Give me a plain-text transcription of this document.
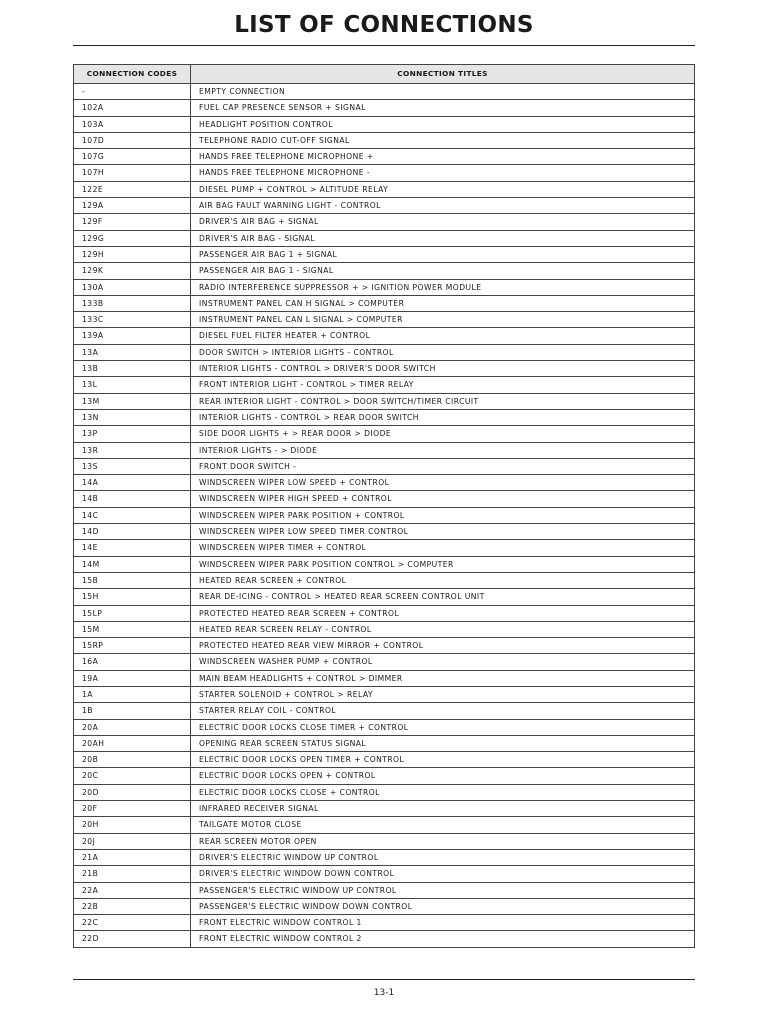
LIST OF CONNECTIONS
CONNECTION CODES	CONNECTION TITLES
-	EMPTY CONNECTION
102A	FUEL CAP PRESENCE SENSOR + SIGNAL
103A	HEADLIGHT POSITION CONTROL
107D	TELEPHONE RADIO CUT-OFF SIGNAL
107G	HANDS FREE TELEPHONE MICROPHONE +
107H	HANDS FREE TELEPHONE MICROPHONE -
122E	DIESEL PUMP + CONTROL > ALTITUDE RELAY
129A	AIR BAG FAULT WARNING LIGHT - CONTROL
129F	DRIVER'S AIR BAG + SIGNAL
129G	DRIVER'S AIR BAG - SIGNAL
129H	PASSENGER AIR BAG 1 + SIGNAL
129K	PASSENGER AIR BAG 1 - SIGNAL
130A	RADIO INTERFERENCE SUPPRESSOR + > IGNITION POWER MODULE
133B	INSTRUMENT PANEL CAN H SIGNAL > COMPUTER
133C	INSTRUMENT PANEL CAN L SIGNAL > COMPUTER
139A	DIESEL FUEL FILTER HEATER + CONTROL
13A	DOOR SWITCH > INTERIOR LIGHTS - CONTROL
13B	INTERIOR LIGHTS - CONTROL > DRIVER'S DOOR SWITCH
13L	FRONT INTERIOR LIGHT - CONTROL > TIMER RELAY
13M	REAR INTERIOR LIGHT - CONTROL > DOOR SWITCH/TIMER CIRCUIT
13N	INTERIOR LIGHTS - CONTROL > REAR DOOR SWITCH
13P	SIDE DOOR LIGHTS + > REAR DOOR > DIODE
13R	INTERIOR LIGHTS - > DIODE
13S	FRONT DOOR SWITCH -
14A	WINDSCREEN WIPER LOW SPEED + CONTROL
14B	WINDSCREEN WIPER HIGH SPEED + CONTROL
14C	WINDSCREEN WIPER PARK POSITION + CONTROL
14D	WINDSCREEN WIPER LOW SPEED TIMER CONTROL
14E	WINDSCREEN WIPER TIMER + CONTROL
14M	WINDSCREEN WIPER PARK POSITION CONTROL > COMPUTER
15B	HEATED REAR SCREEN + CONTROL
15H	REAR DE-ICING - CONTROL > HEATED REAR SCREEN CONTROL UNIT
15LP	PROTECTED HEATED REAR SCREEN + CONTROL
15M	HEATED REAR SCREEN RELAY - CONTROL
15RP	PROTECTED HEATED REAR VIEW MIRROR + CONTROL
16A	WINDSCREEN WASHER PUMP + CONTROL
19A	MAIN BEAM HEADLIGHTS + CONTROL > DIMMER
1A	STARTER SOLENOID + CONTROL > RELAY
1B	STARTER RELAY COIL - CONTROL
20A	ELECTRIC DOOR LOCKS CLOSE TIMER + CONTROL
20AH	OPENING REAR SCREEN STATUS SIGNAL
20B	ELECTRIC DOOR LOCKS OPEN TIMER + CONTROL
20C	ELECTRIC DOOR LOCKS OPEN + CONTROL
20D	ELECTRIC DOOR LOCKS CLOSE + CONTROL
20F	INFRARED RECEIVER SIGNAL
20H	TAILGATE MOTOR CLOSE
20J	REAR SCREEN MOTOR OPEN
21A	DRIVER'S ELECTRIC WINDOW UP CONTROL
21B	DRIVER'S ELECTRIC WINDOW DOWN CONTROL
22A	PASSENGER'S ELECTRIC WINDOW UP CONTROL
22B	PASSENGER'S ELECTRIC WINDOW DOWN CONTROL
22C	FRONT ELECTRIC WINDOW CONTROL 1
22D	FRONT ELECTRIC WINDOW CONTROL 2
13-1
